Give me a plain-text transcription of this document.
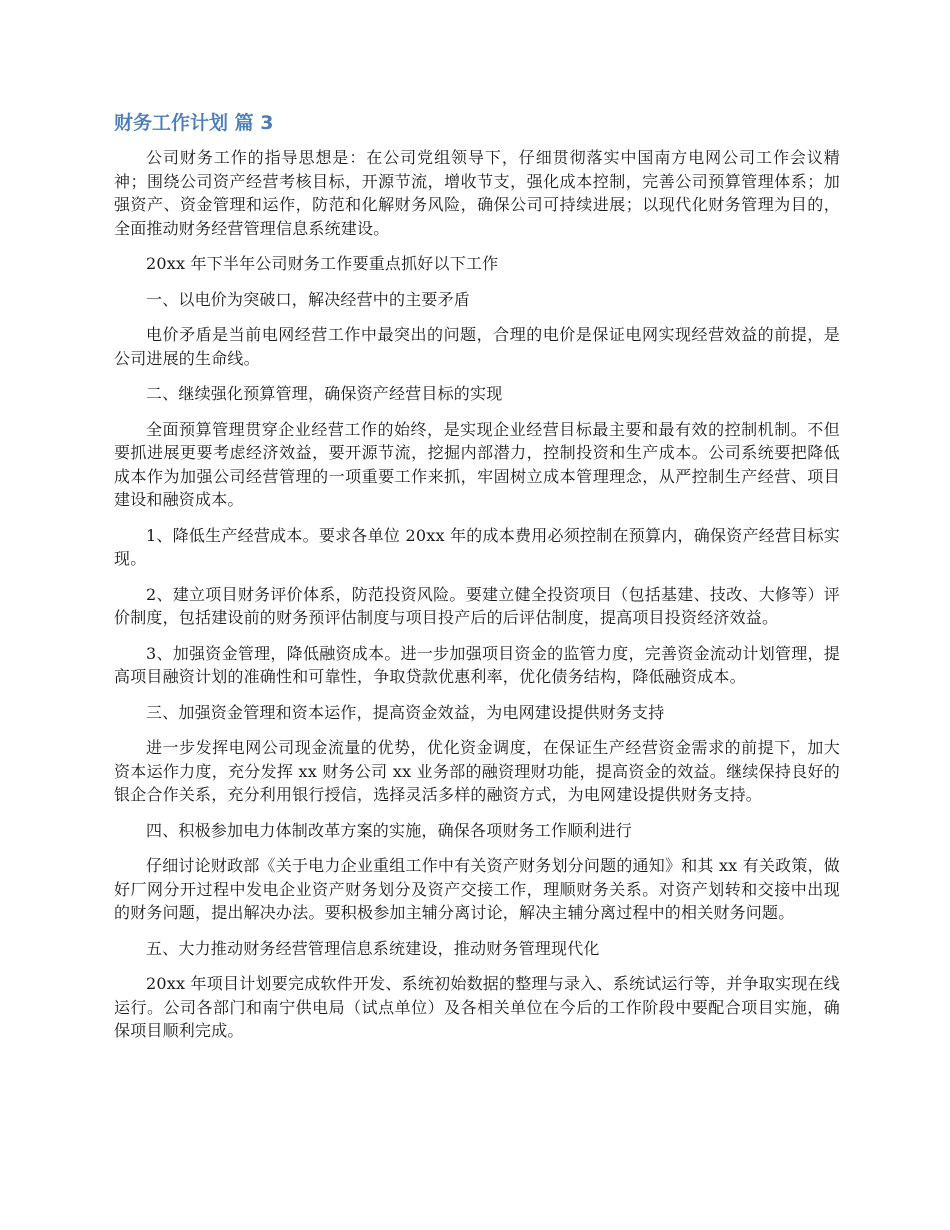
财务工作计划 篇 3

公司财务工作的指导思想是：在公司党组领导下，仔细贯彻落实中国南方电网公司工作会议精神；围绕公司资产经营考核目标，开源节流，增收节支，强化成本控制，完善公司预算管理体系；加强资产、资金管理和运作，防范和化解财务风险，确保公司可持续进展；以现代化财务管理为目的，全面推动财务经营管理信息系统建设。

20xx 年下半年公司财务工作要重点抓好以下工作

一、以电价为突破口，解决经营中的主要矛盾

电价矛盾是当前电网经营工作中最突出的问题，合理的电价是保证电网实现经营效益的前提，是公司进展的生命线。

二、继续强化预算管理，确保资产经营目标的实现

全面预算管理贯穿企业经营工作的始终，是实现企业经营目标最主要和最有效的控制机制。不但要抓进展更要考虑经济效益，要开源节流，挖掘内部潜力，控制投资和生产成本。公司系统要把降低成本作为加强公司经营管理的一项重要工作来抓，牢固树立成本管理理念，从严控制生产经营、项目建设和融资成本。

1、降低生产经营成本。要求各单位 20xx 年的成本费用必须控制在预算内，确保资产经营目标实现。

2、建立项目财务评价体系，防范投资风险。要建立健全投资项目（包括基建、技改、大修等）评价制度，包括建设前的财务预评估制度与项目投产后的后评估制度，提高项目投资经济效益。

3、加强资金管理，降低融资成本。进一步加强项目资金的监管力度，完善资金流动计划管理，提高项目融资计划的准确性和可靠性，争取贷款优惠利率，优化债务结构，降低融资成本。

三、加强资金管理和资本运作，提高资金效益，为电网建设提供财务支持

进一步发挥电网公司现金流量的优势，优化资金调度，在保证生产经营资金需求的前提下，加大资本运作力度，充分发挥 xx 财务公司 xx 业务部的融资理财功能，提高资金的效益。继续保持良好的银企合作关系，充分利用银行授信，选择灵活多样的融资方式，为电网建设提供财务支持。

四、积极参加电力体制改革方案的实施，确保各项财务工作顺利进行

仔细讨论财政部《关于电力企业重组工作中有关资产财务划分问题的通知》和其 xx 有关政策，做好厂网分开过程中发电企业资产财务划分及资产交接工作，理顺财务关系。对资产划转和交接中出现的财务问题，提出解决办法。要积极参加主辅分离讨论，解决主辅分离过程中的相关财务问题。

五、大力推动财务经营管理信息系统建设，推动财务管理现代化

20xx 年项目计划要完成软件开发、系统初始数据的整理与录入、系统试运行等，并争取实现在线运行。公司各部门和南宁供电局（试点单位）及各相关单位在今后的工作阶段中要配合项目实施，确保项目顺利完成。
